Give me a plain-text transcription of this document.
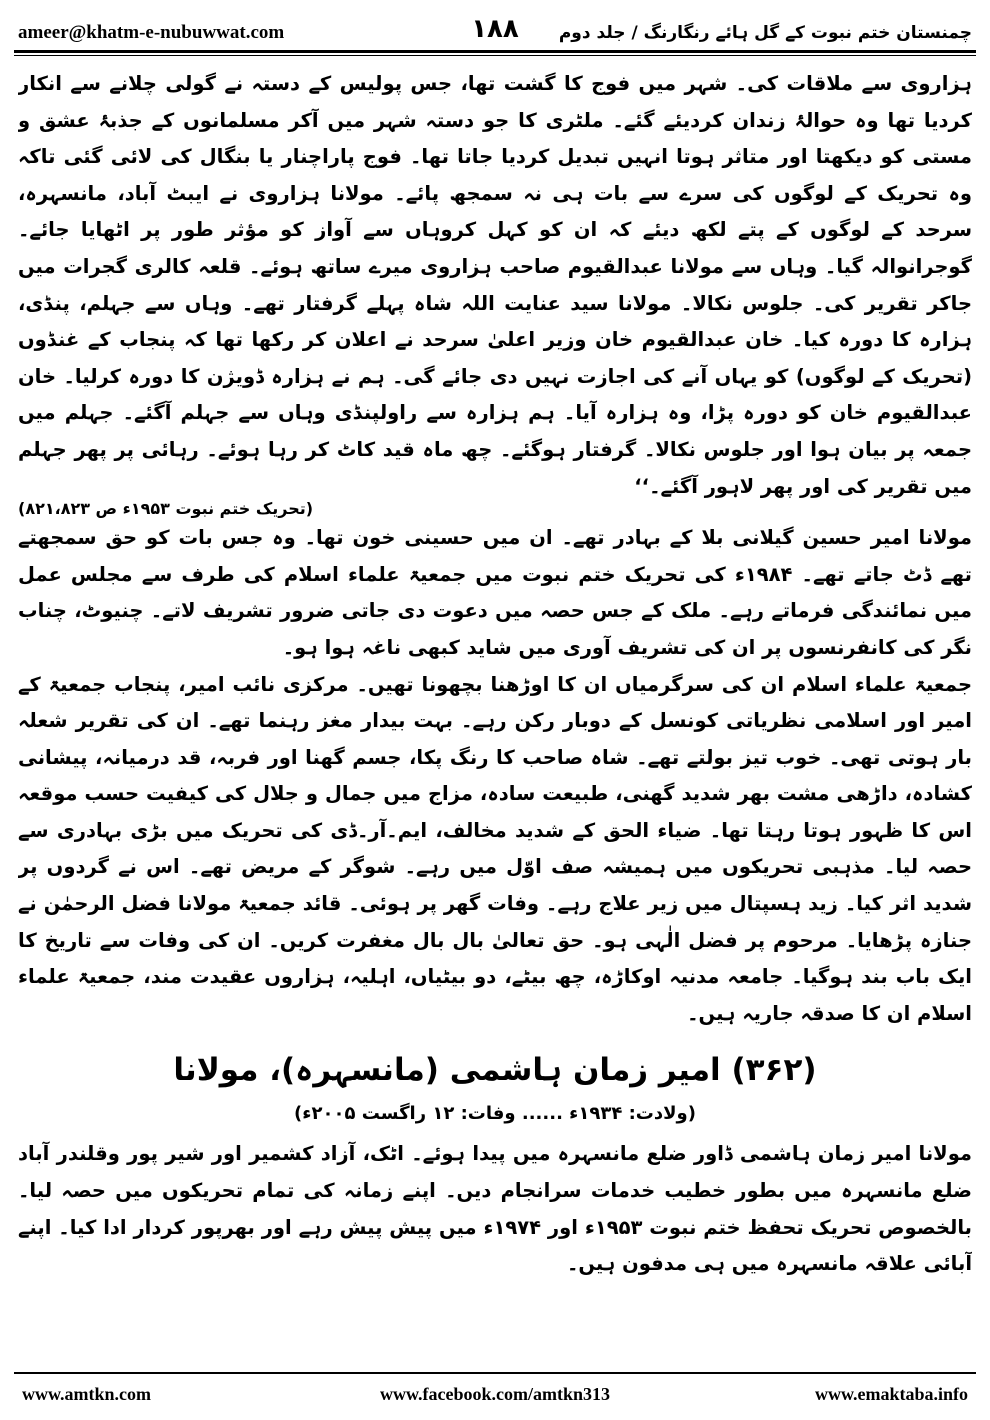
ameer@khatm-e-nubuwwat.com	۱۸۸	چمنستان ختم نبوت کے گل ہائے رنگارنگ / جلد دوم

ہزاروی سے ملاقات کی۔ شہر میں فوج کا گشت تھا، جس پولیس کے دستہ نے گولی چلانے سے انکار کردیا تھا وہ حوالۂ زندان کردیئے گئے۔ ملٹری کا جو دستہ شہر میں آکر مسلمانوں کے جذبۂ عشق و مستی کو دیکھتا اور متاثر ہوتا انہیں تبدیل کردیا جاتا تھا۔ فوج پاراچنار یا بنگال کی لائی گئی تاکہ وہ تحریک کے لوگوں کی سرے سے بات ہی نہ سمجھ پائے۔ مولانا ہزاروی نے ایبٹ آباد، مانسہرہ، سرحد کے لوگوں کے پتے لکھ دیئے کہ ان کو کہل کروہاں سے آواز کو مؤثر طور پر اٹھایا جائے۔ گوجرانوالہ گیا۔ وہاں سے مولانا عبدالقیوم صاحب ہزاروی میرے ساتھ ہوئے۔ قلعہ کالری گجرات میں جاکر تقریر کی۔ جلوس نکالا۔ مولانا سید عنایت اللہ شاہ پہلے گرفتار تھے۔ وہاں سے جہلم، پنڈی، ہزارہ کا دورہ کیا۔ خان عبدالقیوم خان وزیر اعلیٰ سرحد نے اعلان کر رکھا تھا کہ پنجاب کے غنڈوں (تحریک کے لوگوں) کو یہاں آنے کی اجازت نہیں دی جائے گی۔ ہم نے ہزارہ ڈویژن کا دورہ کرلیا۔ خان عبدالقیوم خان کو دورہ پڑا، وہ ہزارہ آیا۔ ہم ہزارہ سے راولپنڈی وہاں سے جہلم آگئے۔ جہلم میں جمعہ پر بیان ہوا اور جلوس نکالا۔ گرفتار ہوگئے۔ چھ ماہ قید کاٹ کر رہا ہوئے۔ رہائی پر پھر جہلم میں تقریر کی اور پھر لاہور آگئے۔‘‘

(تحریک ختم نبوت ۱۹۵۳ء ص ۸۲۱،۸۲۳)

مولانا امیر حسین گیلانی بلا کے بہادر تھے۔ ان میں حسینی خون تھا۔ وہ جس بات کو حق سمجھتے تھے ڈٹ جاتے تھے۔ ۱۹۸۴ء کی تحریک ختم نبوت میں جمعیۃ علماء اسلام کی طرف سے مجلس عمل میں نمائندگی فرماتے رہے۔ ملک کے جس حصہ میں دعوت دی جاتی ضرور تشریف لاتے۔ چنیوٹ، چناب نگر کی کانفرنسوں پر ان کی تشریف آوری میں شاید کبھی ناغہ ہوا ہو۔

جمعیۃ علماء اسلام ان کی سرگرمیاں ان کا اوڑھنا بچھونا تھیں۔ مرکزی نائب امیر، پنجاب جمعیۃ کے امیر اور اسلامی نظریاتی کونسل کے دوبار رکن رہے۔ بہت بیدار مغز رہنما تھے۔ ان کی تقریر شعلہ بار ہوتی تھی۔ خوب تیز بولتے تھے۔ شاہ صاحب کا رنگ پکا، جسم گھنا اور فربہ، قد درمیانہ، پیشانی کشادہ، داڑھی مشت بھر شدید گھنی، طبیعت سادہ، مزاج میں جمال و جلال کی کیفیت حسب موقعہ اس کا ظہور ہوتا رہتا تھا۔ ضیاء الحق کے شدید مخالف، ایم۔آر۔ڈی کی تحریک میں بڑی بہادری سے حصہ لیا۔ مذہبی تحریکوں میں ہمیشہ صف اوّل میں رہے۔ شوگر کے مریض تھے۔ اس نے گردوں پر شدید اثر کیا۔ زید ہسپتال میں زیر علاج رہے۔ وفات گھر پر ہوئی۔ قائد جمعیۃ مولانا فضل الرحمٰن نے جنازہ پڑھایا۔ مرحوم پر فضل الٰہی ہو۔ حق تعالیٰ بال بال مغفرت کریں۔ ان کی وفات سے تاریخ کا ایک باب بند ہوگیا۔ جامعہ مدنیہ اوکاڑہ، چھ بیٹے، دو بیٹیاں، اہلیہ، ہزاروں عقیدت مند، جمعیۃ علماء اسلام ان کا صدقہ جاریہ ہیں۔

(۳۶۲) امیر زمان ہاشمی (مانسہرہ)، مولانا
(ولادت: ۱۹۳۴ء ...... وفات: ۱۲ راگست ۲۰۰۵ء)

مولانا امیر زمان ہاشمی ڈاور ضلع مانسہرہ میں پیدا ہوئے۔ اٹک، آزاد کشمیر اور شیر پور وقلندر آباد ضلع مانسہرہ میں بطور خطیب خدمات سرانجام دیں۔ اپنے زمانہ کی تمام تحریکوں میں حصہ لیا۔ بالخصوص تحریک تحفظ ختم نبوت ۱۹۵۳ء اور ۱۹۷۴ء میں پیش پیش رہے اور بھرپور کردار ادا کیا۔ اپنے آبائی علاقہ مانسہرہ میں ہی مدفون ہیں۔

www.amtkn.com	www.facebook.com/amtkn313	www.emaktaba.info
